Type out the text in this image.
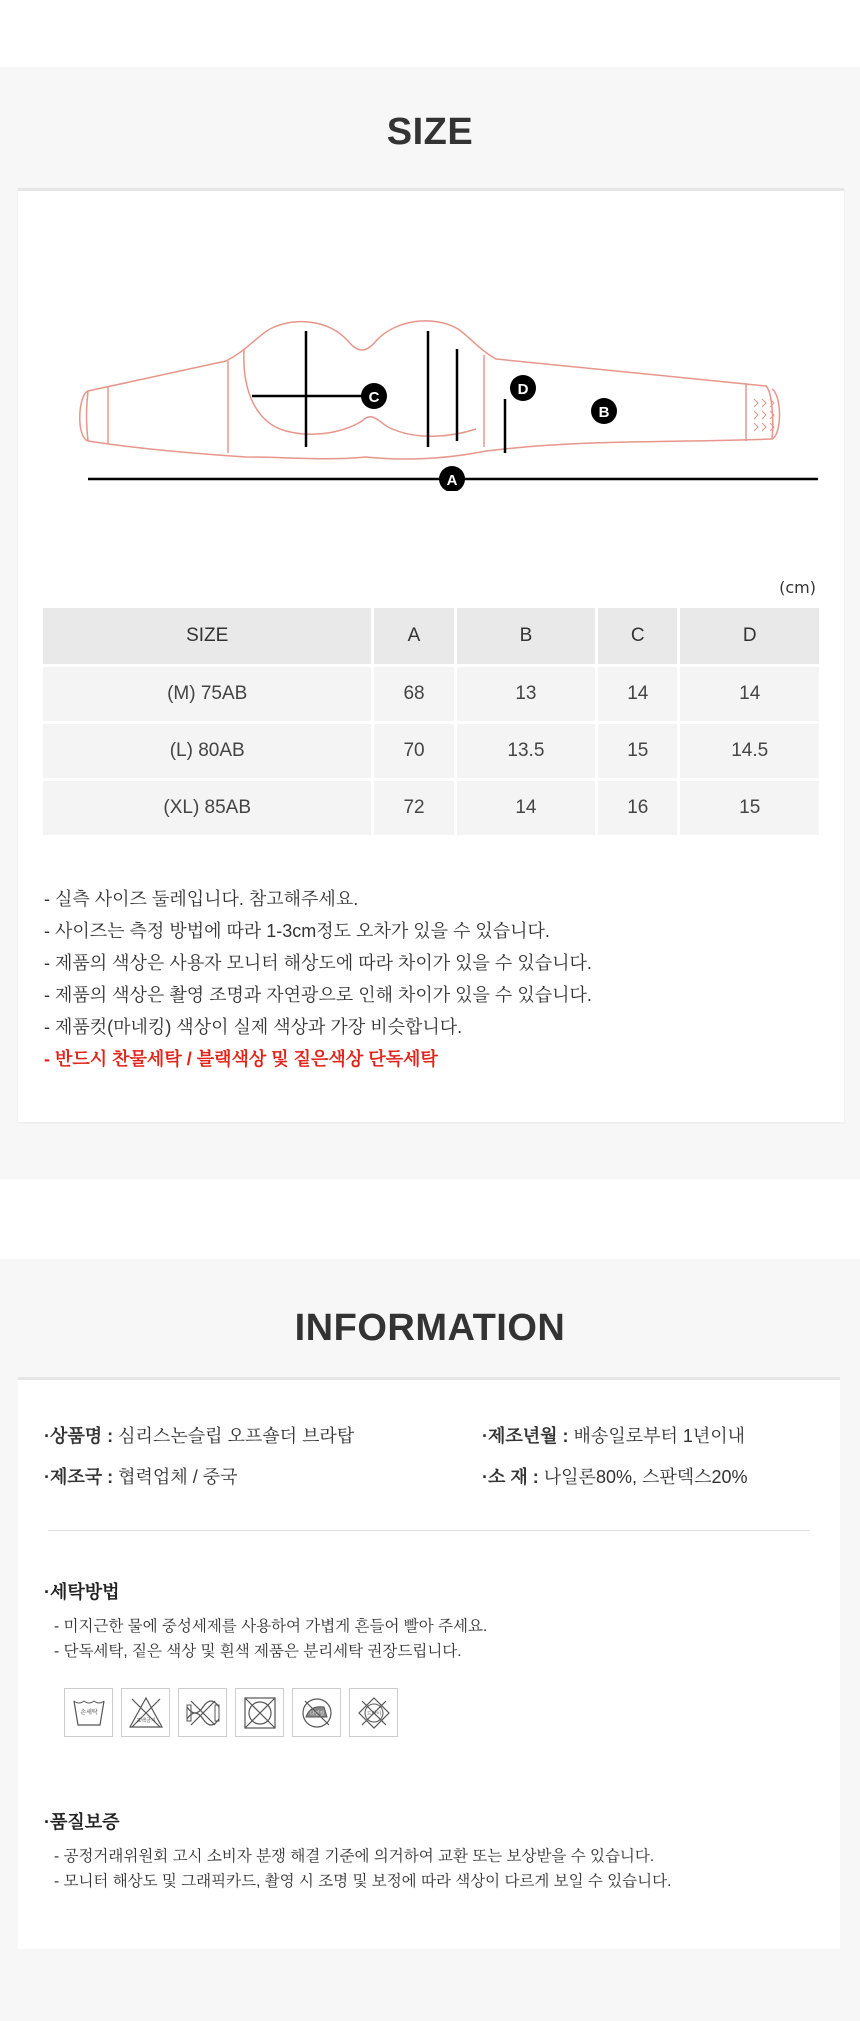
SIZE
A
B
C	D
(cm)
SIZE	A	B	C	D
(M) 75AB	68	13	14	14
(L) 80AB	70	13.5	15	14.5
(XL) 85AB	72	14	16	15
- 실측 사이즈 둘레입니다. 참고해주세요.
- 사이즈는 측정 방법에 따라 1-3cm정도 오차가 있을 수 있습니다.
- 제품의 색상은 사용자 모니터 해상도에 따라 차이가 있을 수 있습니다.
- 제품의 색상은 촬영 조명과 자연광으로 인해 차이가 있을 수 있습니다.
- 제품컷(마네킹) 색상이 실제 색상과 가장 비슷합니다.
- 반드시 찬물세탁 / 블랙색상 및 짙은색상 단독세탁
INFORMATION
·상품명 : 심리스논슬립 오프숄더 브라탑	·제조년월 : 배송일로부터 1년이내
·제조국 : 협력업체 / 중국	·소 재 : 나일론80%, 스판덱스20%
·세탁방법
- 미지근한 물에 중성세제를 사용하여 가볍게 흔들어 빨아 주세요.
- 단독세탁, 짙은 색상 및 흰색 제품은 분리세탁 권장드립니다.
손세탁
표백금지
다림질	드라이
·품질보증
- 공정거래위원회 고시 소비자 분쟁 해결 기준에 의거하여 교환 또는 보상받을 수 있습니다.
- 모니터 해상도 및 그래픽카드, 촬영 시 조명 및 보정에 따라 색상이 다르게 보일 수 있습니다.
